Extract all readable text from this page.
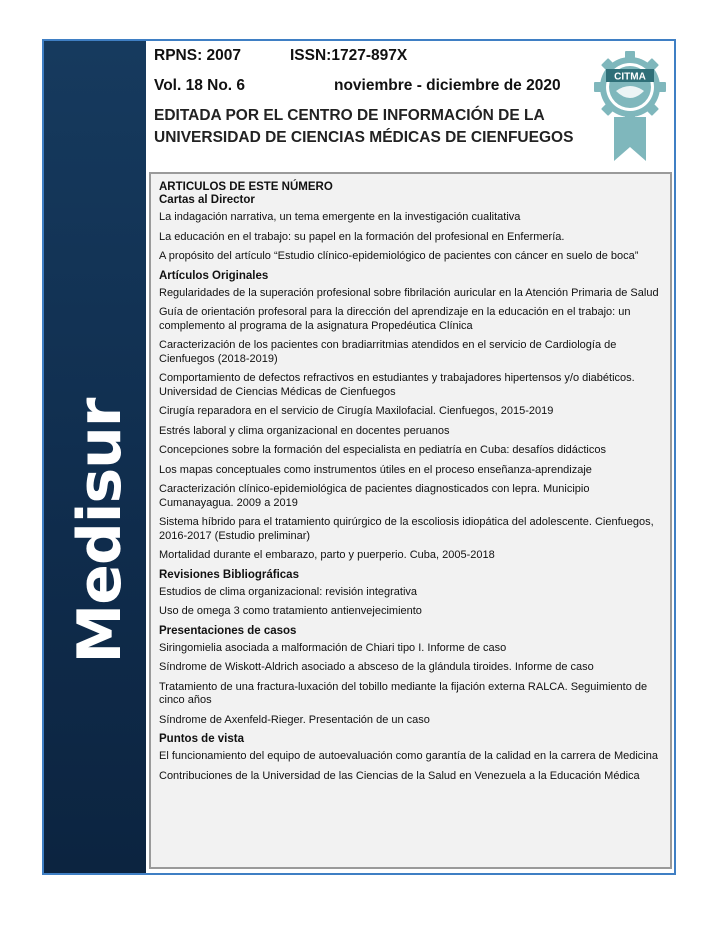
Medisur
RPNS: 2007	ISSN:1727-897X
Vol. 18 No. 6	noviembre - diciembre de 2020
EDITADA POR EL CENTRO DE INFORMACIÓN DE LA
UNIVERSIDAD DE CIENCIAS MÉDICAS DE CIENFUEGOS
CITMA
ARTICULOS DE ESTE NÚMERO
Cartas al Director
La indagación narrativa, un tema emergente en la investigación cualitativa
La educación en el trabajo: su papel en la formación del profesional en Enfermería.
A propósito del artículo “Estudio clínico-epidemiológico de pacientes con cáncer en suelo de boca”
Artículos Originales
Regularidades de la superación profesional sobre fibrilación auricular en la Atención Primaria de Salud
Guía de orientación profesoral para la dirección del aprendizaje en la educación en el trabajo: un complemento al programa de la asignatura Propedéutica Clínica
Caracterización de los pacientes con bradiarritmias atendidos en el servicio de Cardiología de Cienfuegos (2018-2019)
Comportamiento de defectos refractivos en estudiantes y trabajadores hipertensos y/o diabéticos. Universidad de Ciencias Médicas de Cienfuegos
Cirugía reparadora en el servicio de Cirugía Maxilofacial. Cienfuegos, 2015-2019
Estrés laboral y clima organizacional en docentes peruanos
Concepciones sobre la formación del especialista en pediatría en Cuba: desafíos didácticos
Los mapas conceptuales como instrumentos útiles en el proceso enseñanza-aprendizaje
Caracterización clínico-epidemiológica de pacientes diagnosticados con lepra. Municipio Cumanayagua. 2009 a 2019
Sistema híbrido para el tratamiento quirúrgico de la escoliosis idiopática del adolescente. Cienfuegos, 2016-2017 (Estudio preliminar)
Mortalidad durante el embarazo, parto y puerperio. Cuba, 2005-2018
Revisiones Bibliográficas
Estudios de clima organizacional: revisión integrativa
Uso de omega 3 como tratamiento antienvejecimiento
Presentaciones de casos
Siringomielia asociada a malformación de Chiari tipo I. Informe de caso
Síndrome de Wiskott-Aldrich asociado a absceso de la glándula tiroides. Informe de caso
Tratamiento de una fractura-luxación del tobillo mediante la fijación externa RALCA. Seguimiento de cinco años
Síndrome de Axenfeld-Rieger. Presentación de un caso
Puntos de vista
El funcionamiento del equipo de autoevaluación como garantía de la calidad en la carrera de Medicina
Contribuciones de la Universidad de las Ciencias de la Salud en Venezuela a la Educación Médica
